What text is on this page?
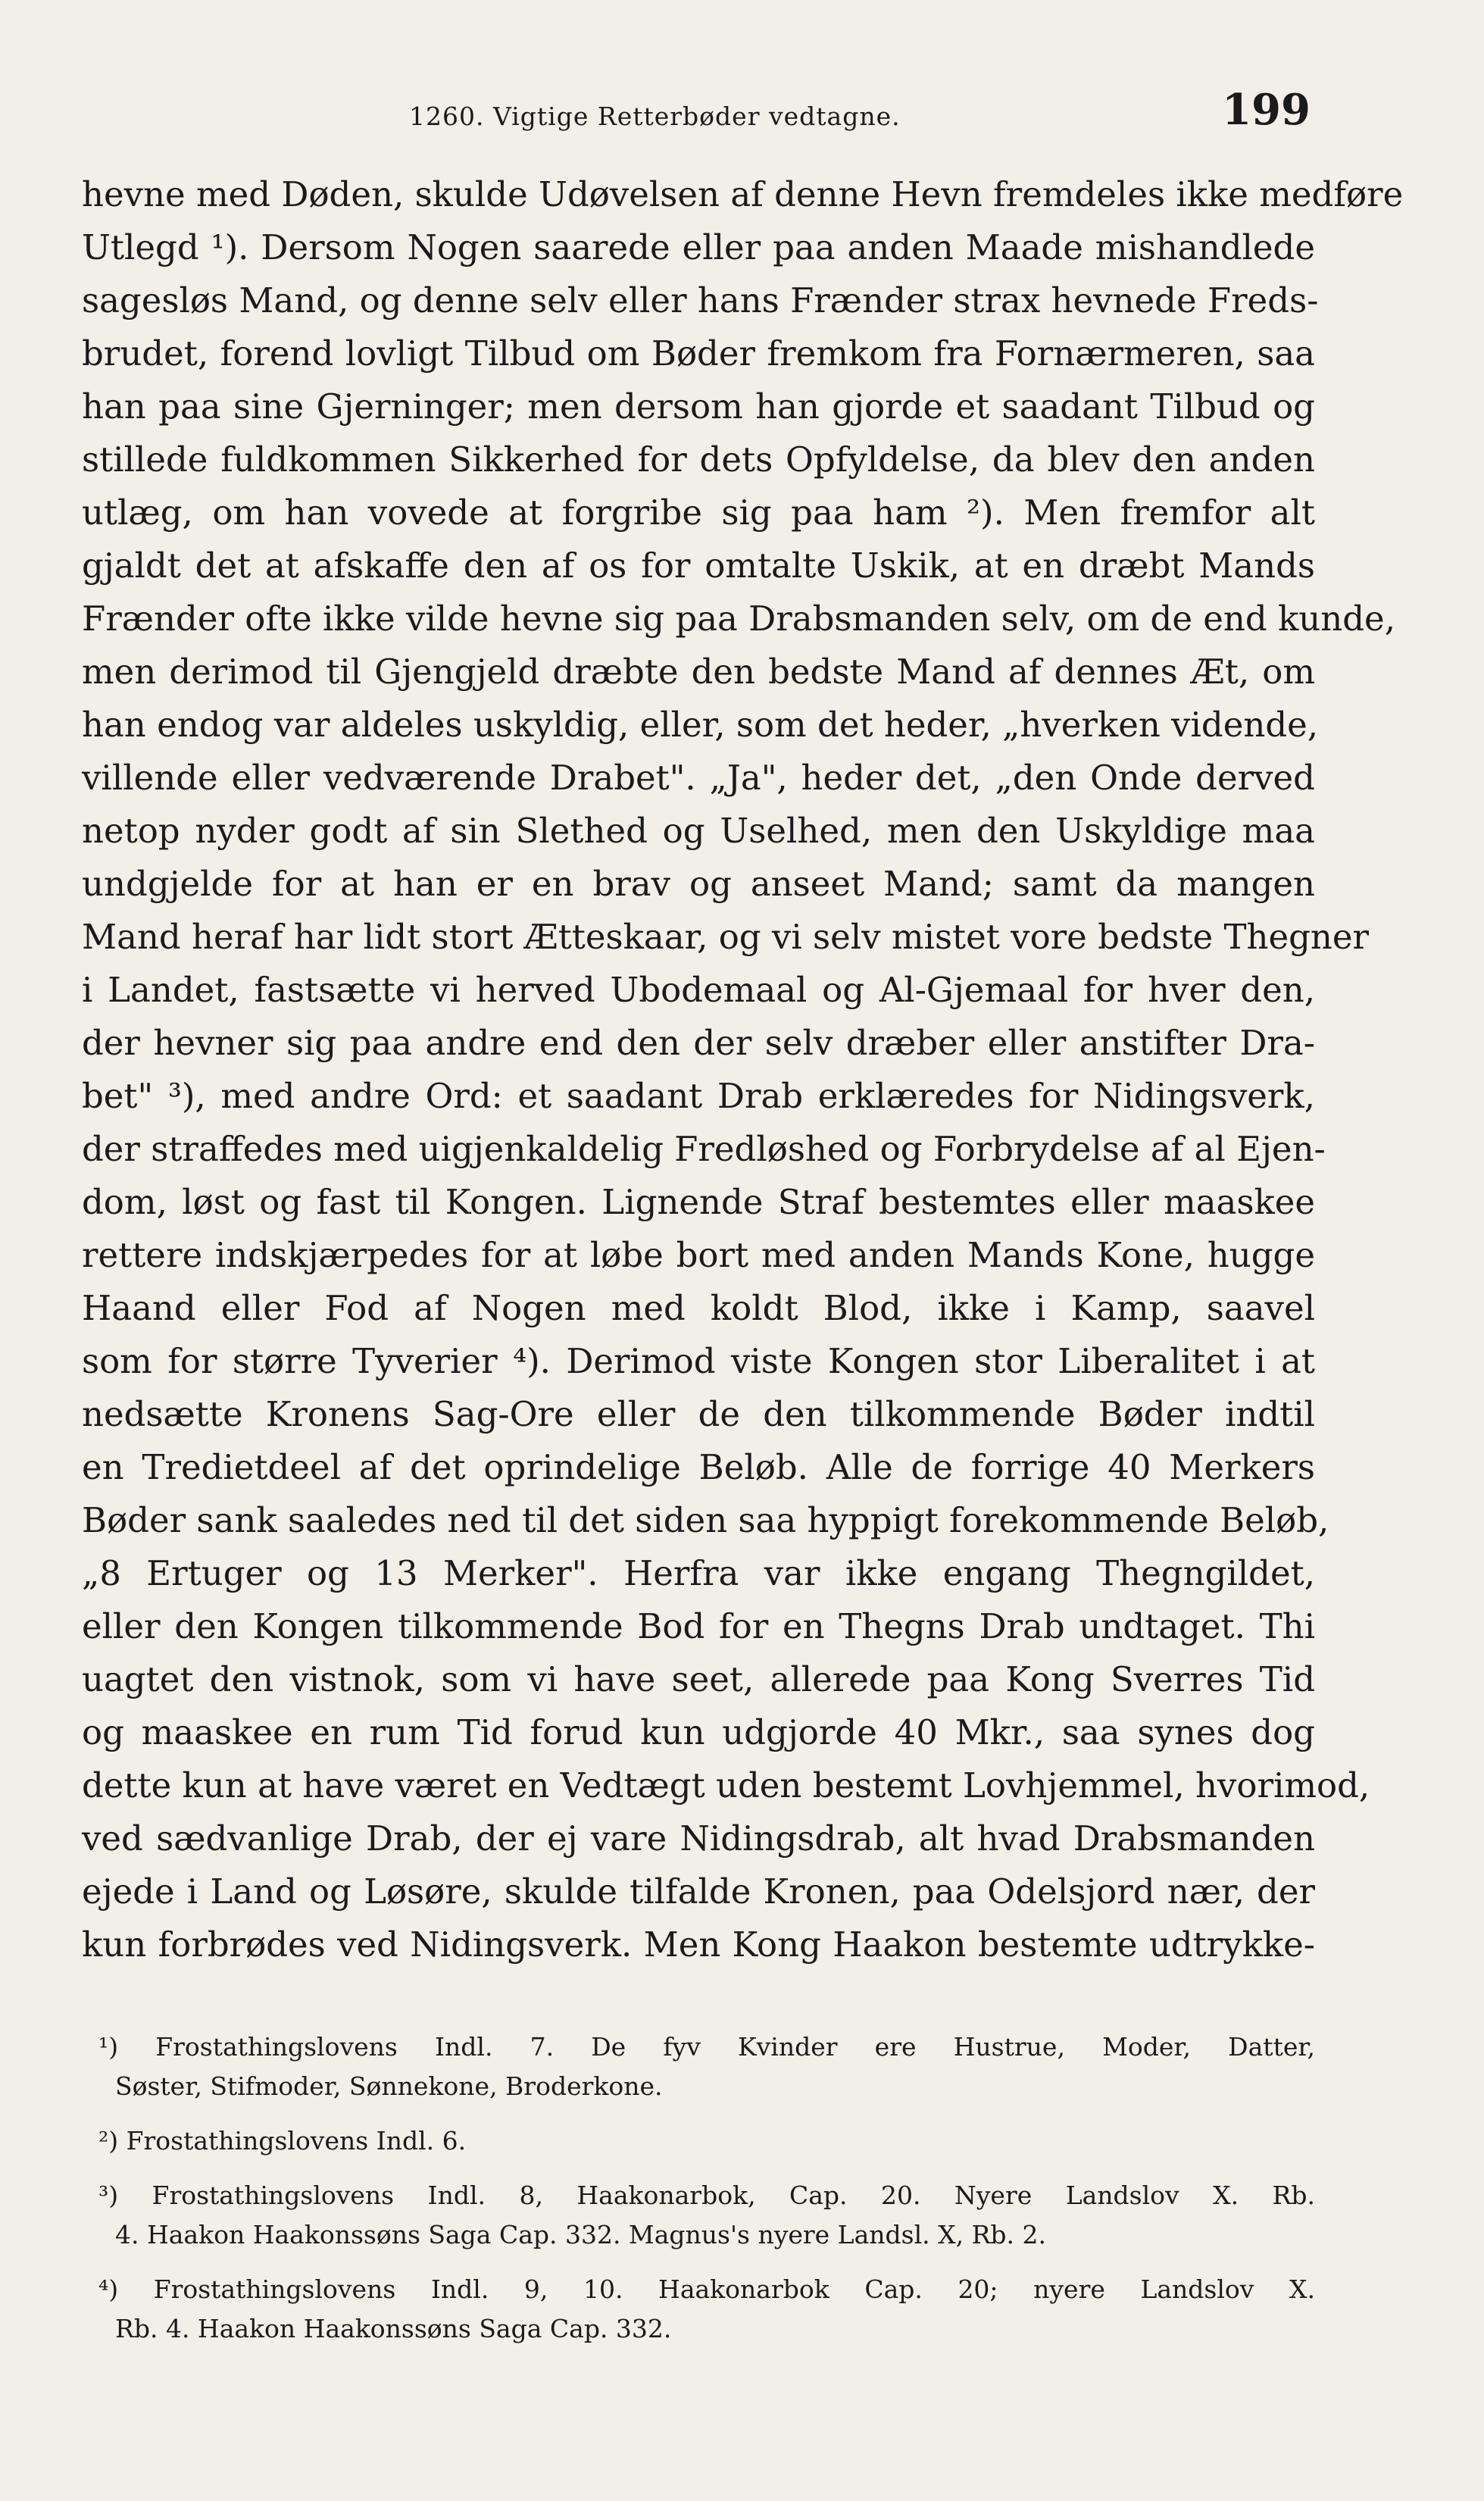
1260. Vigtige Retterbøder vedtagne.	199
hevne med Døden, skulde Udøvelsen af denne Hevn fremdeles ikke medføre
Utlegd ¹). Dersom Nogen saarede eller paa anden Maade mishandlede
sagesløs Mand, og denne selv eller hans Frænder strax hevnede Freds-
brudet, forend lovligt Tilbud om Bøder fremkom fra Fornærmeren, saa
han paa sine Gjerninger; men dersom han gjorde et saadant Tilbud og
stillede fuldkommen Sikkerhed for dets Opfyldelse, da blev den anden
utlæg, om han vovede at forgribe sig paa ham ²). Men fremfor alt
gjaldt det at afskaffe den af os for omtalte Uskik, at en dræbt Mands
Frænder ofte ikke vilde hevne sig paa Drabsmanden selv, om de end kunde,
men derimod til Gjengjeld dræbte den bedste Mand af dennes Æt, om
han endog var aldeles uskyldig, eller, som det heder, „hverken vidende,
villende eller vedværende Drabet". „Ja", heder det, „den Onde derved
netop nyder godt af sin Slethed og Uselhed, men den Uskyldige maa
undgjelde for at han er en brav og anseet Mand; samt da mangen
Mand heraf har lidt stort Ætteskaar, og vi selv mistet vore bedste Thegner
i Landet, fastsætte vi herved Ubodemaal og Al-Gjemaal for hver den,
der hevner sig paa andre end den der selv dræber eller anstifter Dra-
bet" ³), med andre Ord: et saadant Drab erklæredes for Nidingsverk,
der straffedes med uigjenkaldelig Fredløshed og Forbrydelse af al Ejen-
dom, løst og fast til Kongen. Lignende Straf bestemtes eller maaskee
rettere indskjærpedes for at løbe bort med anden Mands Kone, hugge
Haand eller Fod af Nogen med koldt Blod, ikke i Kamp, saavel
som for større Tyverier ⁴). Derimod viste Kongen stor Liberalitet i at
nedsætte Kronens Sag-Ore eller de den tilkommende Bøder indtil
en Tredietdeel af det oprindelige Beløb. Alle de forrige 40 Merkers
Bøder sank saaledes ned til det siden saa hyppigt forekommende Beløb,
„8 Ertuger og 13 Merker". Herfra var ikke engang Thegngildet,
eller den Kongen tilkommende Bod for en Thegns Drab undtaget. Thi
uagtet den vistnok, som vi have seet, allerede paa Kong Sverres Tid
og maaskee en rum Tid forud kun udgjorde 40 Mkr., saa synes dog
dette kun at have været en Vedtægt uden bestemt Lovhjemmel, hvorimod,
ved sædvanlige Drab, der ej vare Nidingsdrab, alt hvad Drabsmanden
ejede i Land og Løsøre, skulde tilfalde Kronen, paa Odelsjord nær, der
kun forbrødes ved Nidingsverk. Men Kong Haakon bestemte udtrykke-
¹) Frostathingslovens Indl. 7. De fyv Kvinder ere Hustrue, Moder, Datter,
Søster, Stifmoder, Sønnekone, Broderkone.
²) Frostathingslovens Indl. 6.
³) Frostathingslovens Indl. 8, Haakonarbok, Cap. 20. Nyere Landslov X. Rb.
4. Haakon Haakonssøns Saga Cap. 332. Magnus's nyere Landsl. X, Rb. 2.
⁴) Frostathingslovens Indl. 9, 10. Haakonarbok Cap. 20; nyere Landslov X.
Rb. 4. Haakon Haakonssøns Saga Cap. 332.
